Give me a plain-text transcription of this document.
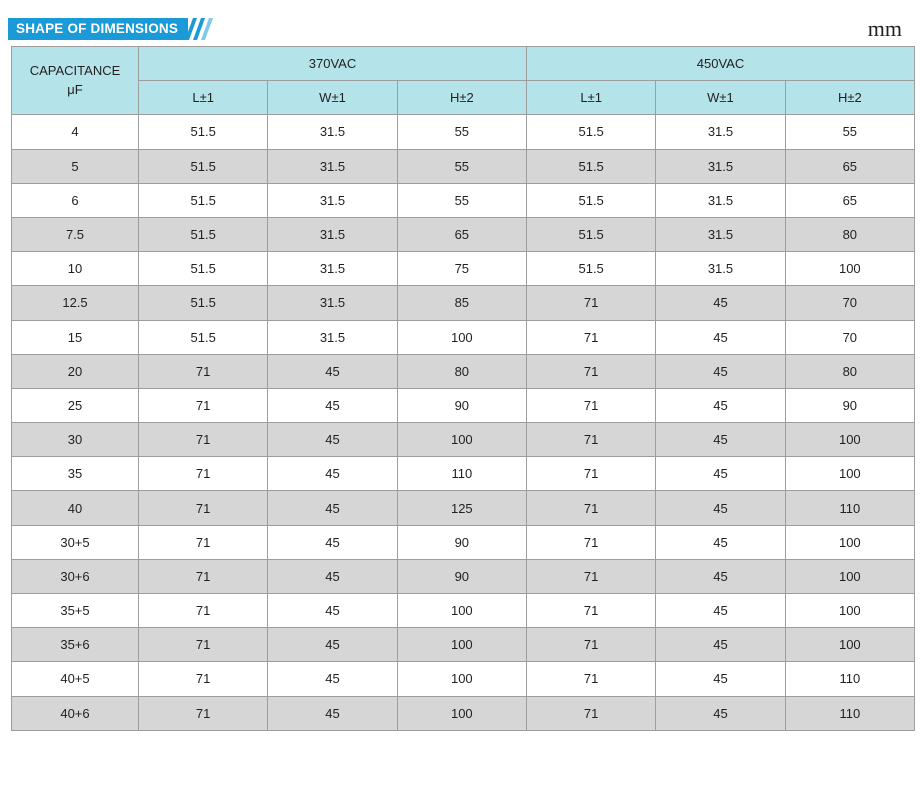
SHAPE OF DIMENSIONS	mm
CAPACITANCE
μF	370VAC			450VAC		
	L±1	W±1	H±2	L±1	W±1	H±2
4	51.5	31.5	55	51.5	31.5	55
5	51.5	31.5	55	51.5	31.5	65
6	51.5	31.5	55	51.5	31.5	65
7.5	51.5	31.5	65	51.5	31.5	80
10	51.5	31.5	75	51.5	31.5	100
12.5	51.5	31.5	85	71	45	70
15	51.5	31.5	100	71	45	70
20	71	45	80	71	45	80
25	71	45	90	71	45	90
30	71	45	100	71	45	100
35	71	45	110	71	45	100
40	71	45	125	71	45	110
30+5	71	45	90	71	45	100
30+6	71	45	90	71	45	100
35+5	71	45	100	71	45	100
35+6	71	45	100	71	45	100
40+5	71	45	100	71	45	110
40+6	71	45	100	71	45	110
